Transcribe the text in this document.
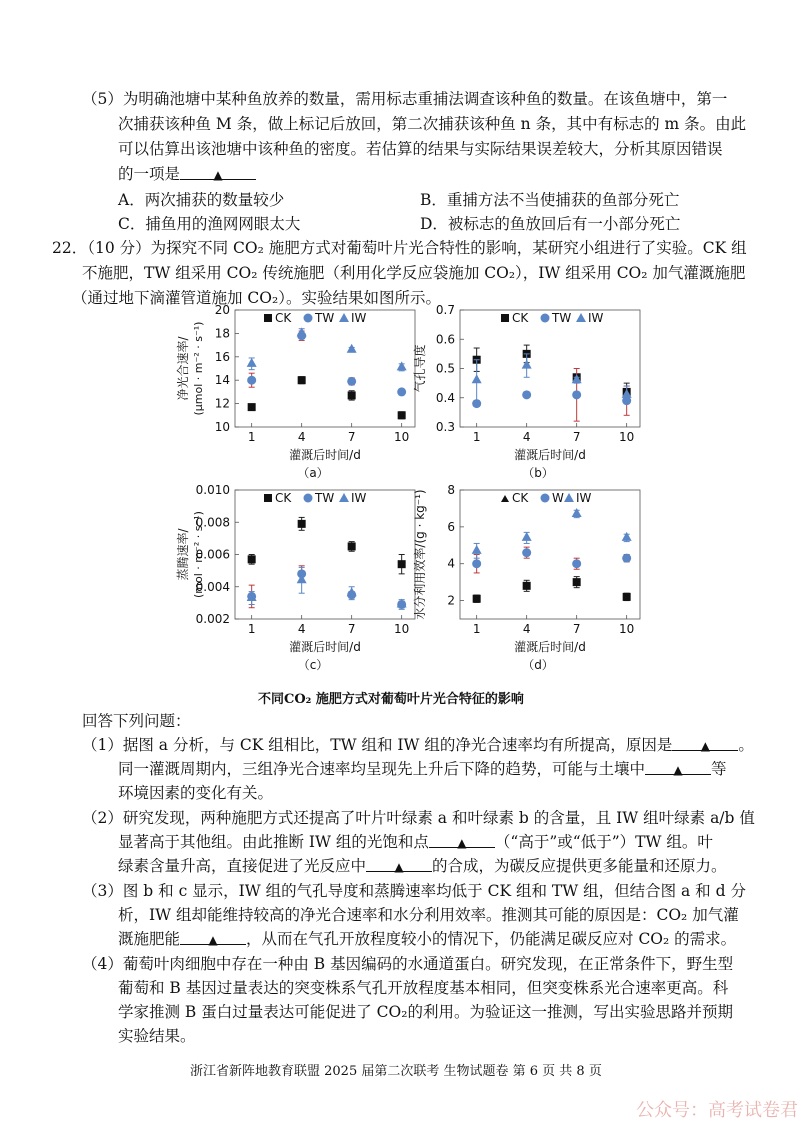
（5）为明确池塘中某种鱼放养的数量，需用标志重捕法调查该种鱼的数量。在该鱼塘中，第一
次捕获该种鱼 M 条，做上标记后放回，第二次捕获该种鱼 n 条，其中有标志的 m 条。由此
可以估算出该池塘中该种鱼的密度。若估算的结果与实际结果误差较大，分析其原因错误
的一项是	▲
A．两次捕获的数量较少	B．重捕方法不当使捕获的鱼部分死亡
C．捕鱼用的渔网网眼太大	D．被标志的鱼放回后有一小部分死亡
22．（10 分）为探究不同 CO₂ 施肥方式对葡萄叶片光合特性的影响，某研究小组进行了实验。CK 组
不施肥，TW 组采用 CO₂ 传统施肥（利用化学反应袋施加 CO₂），IW 组采用 CO₂ 加气灌溉施肥
（通过地下滴灌管道施加 CO₂）。实验结果如图所示。
1	4	7	10
10
12
14
16
18
20
灌溉后时间/d
（a）
净光合速率/ (μmol · m⁻² · s⁻¹)
CK TW IW
1	4	7	10
0.3
0.4
0.5
0.6
0.7
灌溉后时间/d
（b）
气孔导度
CK TW IW
1	4	7	10
0.002
0.004
0.006
0.008
0.010
灌溉后时间/d
（c）
蒸腾速率/ (mol · m⁻² · s⁻¹)
CK TW IW
1	4	7	10
2
4
6
8
灌溉后时间/d
（d）
水分利用效率/(g · kg⁻¹)	CK W IW
不同CO₂ 施肥方式对葡萄叶片光合特征的影响
回答下列问题：
（1）据图 a 分析，与 CK 组相比，TW 组和 IW 组的净光合速率均有所提高，原因是 ▲ 。
同一灌溉周期内，三组净光合速率均呈现先上升后下降的趋势，可能与土壤中 ▲ 等
环境因素的变化有关。
（2）研究发现，两种施肥方式还提高了叶片叶绿素 a 和叶绿素 b 的含量，且 IW 组叶绿素 a/b 值
显著高于其他组。由此推断 IW 组的光饱和点 ▲ （“高于”或“低于”）TW 组。叶
绿素含量升高，直接促进了光反应中 ▲ 的合成，为碳反应提供更多能量和还原力。
（3）图 b 和 c 显示，IW 组的气孔导度和蒸腾速率均低于 CK 组和 TW 组，但结合图 a 和 d 分
析，IW 组却能维持较高的净光合速率和水分利用效率。推测其可能的原因是：CO₂ 加气灌
溉施肥能 ▲ ，从而在气孔开放程度较小的情况下，仍能满足碳反应对 CO₂ 的需求。
（4）葡萄叶肉细胞中存在一种由 B 基因编码的水通道蛋白。研究发现，在正常条件下，野生型
葡萄和 B 基因过量表达的突变株系气孔开放程度基本相同，但突变株系光合速率更高。科
学家推测 B 蛋白过量表达可能促进了 CO₂的利用。为验证这一推测，写出实验思路并预期
实验结果。
浙江省新阵地教育联盟 2025 届第二次联考 生物试题卷 第 6 页 共 8 页
公众号：高考试卷君
